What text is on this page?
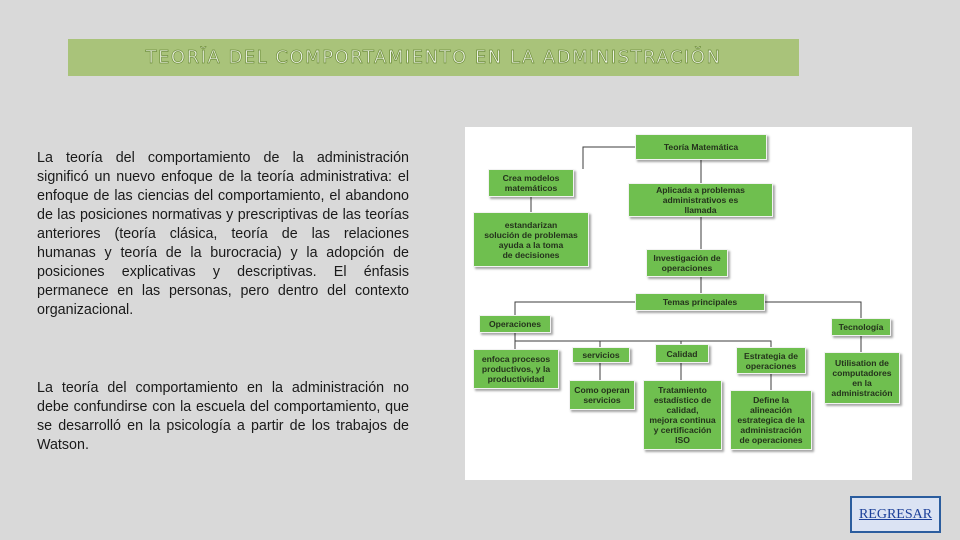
TEORĬA DEL COMPORTAMIENTO EN LA ADMINISTRACIŎN

La teoría del comportamiento de la administración significó un nuevo enfoque de la teoría administrativa: el enfoque de las ciencias del comportamiento, el abandono de las posiciones normativas y prescriptivas de las teorías anteriores (teoría clásica, teoría de las relaciones humanas y teoría de la burocracia) y la adopción de posiciones explicativas y descriptivas. El énfasis permanece en las personas, pero dentro del contexto organizacional.

La teoría del comportamiento en la administración no debe confundirse con la escuela del comportamiento, que se desarrolló en la psicología a partir de los trabajos de Watson.

Teoría Matemática
Crea modelos
matemáticos	Aplicada a problemas
administrativos es
llamada
estandarizan
solución de problemas
ayuda a la toma
de decisiones	Investigación de
operaciones
Temas principales
Operaciones	Tecnología
enfoca procesos
productivos, y la
productividad
servicios	Calidad	Estrategia de
operaciones	Utilisation de
computadores
en la
administración
Como operan
servicios
Tratamiento
estadístico de
calidad,
mejora continua
y certificación
ISO
Define la
alineación
estrategica de la
administración
de operaciones
REGRESAR
